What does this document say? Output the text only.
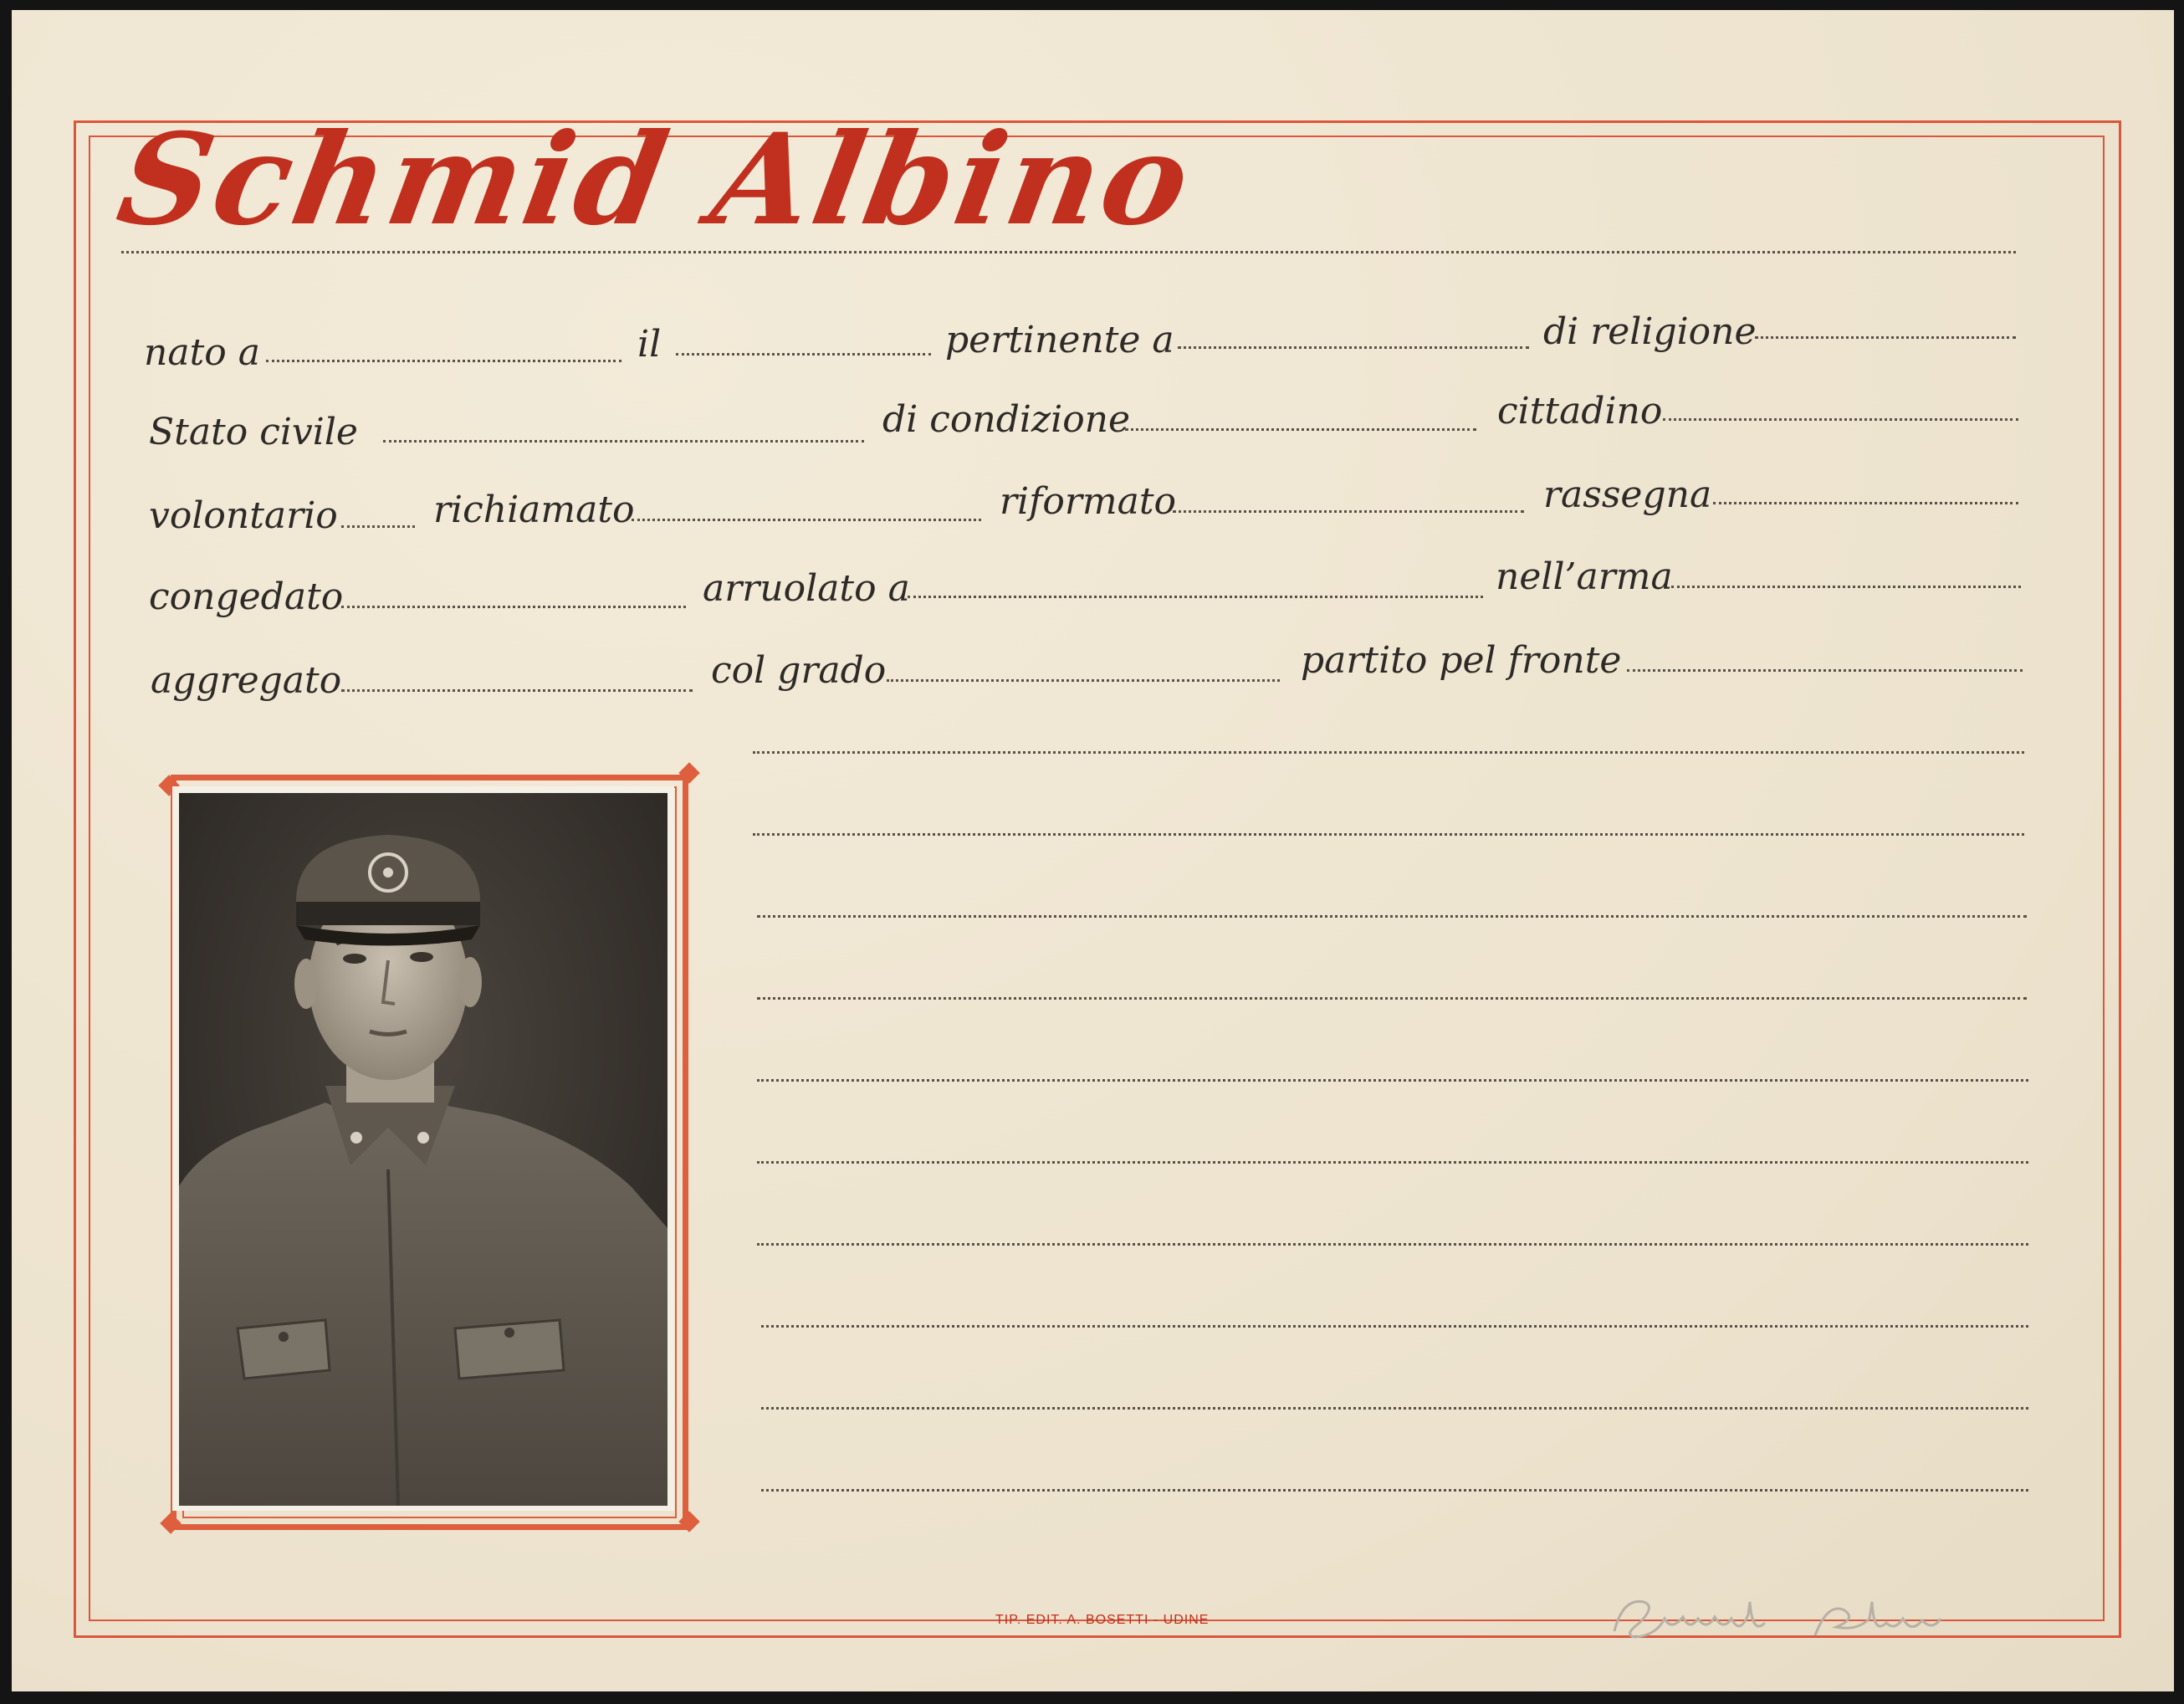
Schmid Albino
nato a	il	pertinente a	di religione
Stato civile	di condizione	cittadino
volontario	richiamato	riformato	rassegna
congedato	arruolato a	nell’arma
aggregato	col grado	partito pel fronte
TIP. EDIT. A. BOSETTI - UDINE
